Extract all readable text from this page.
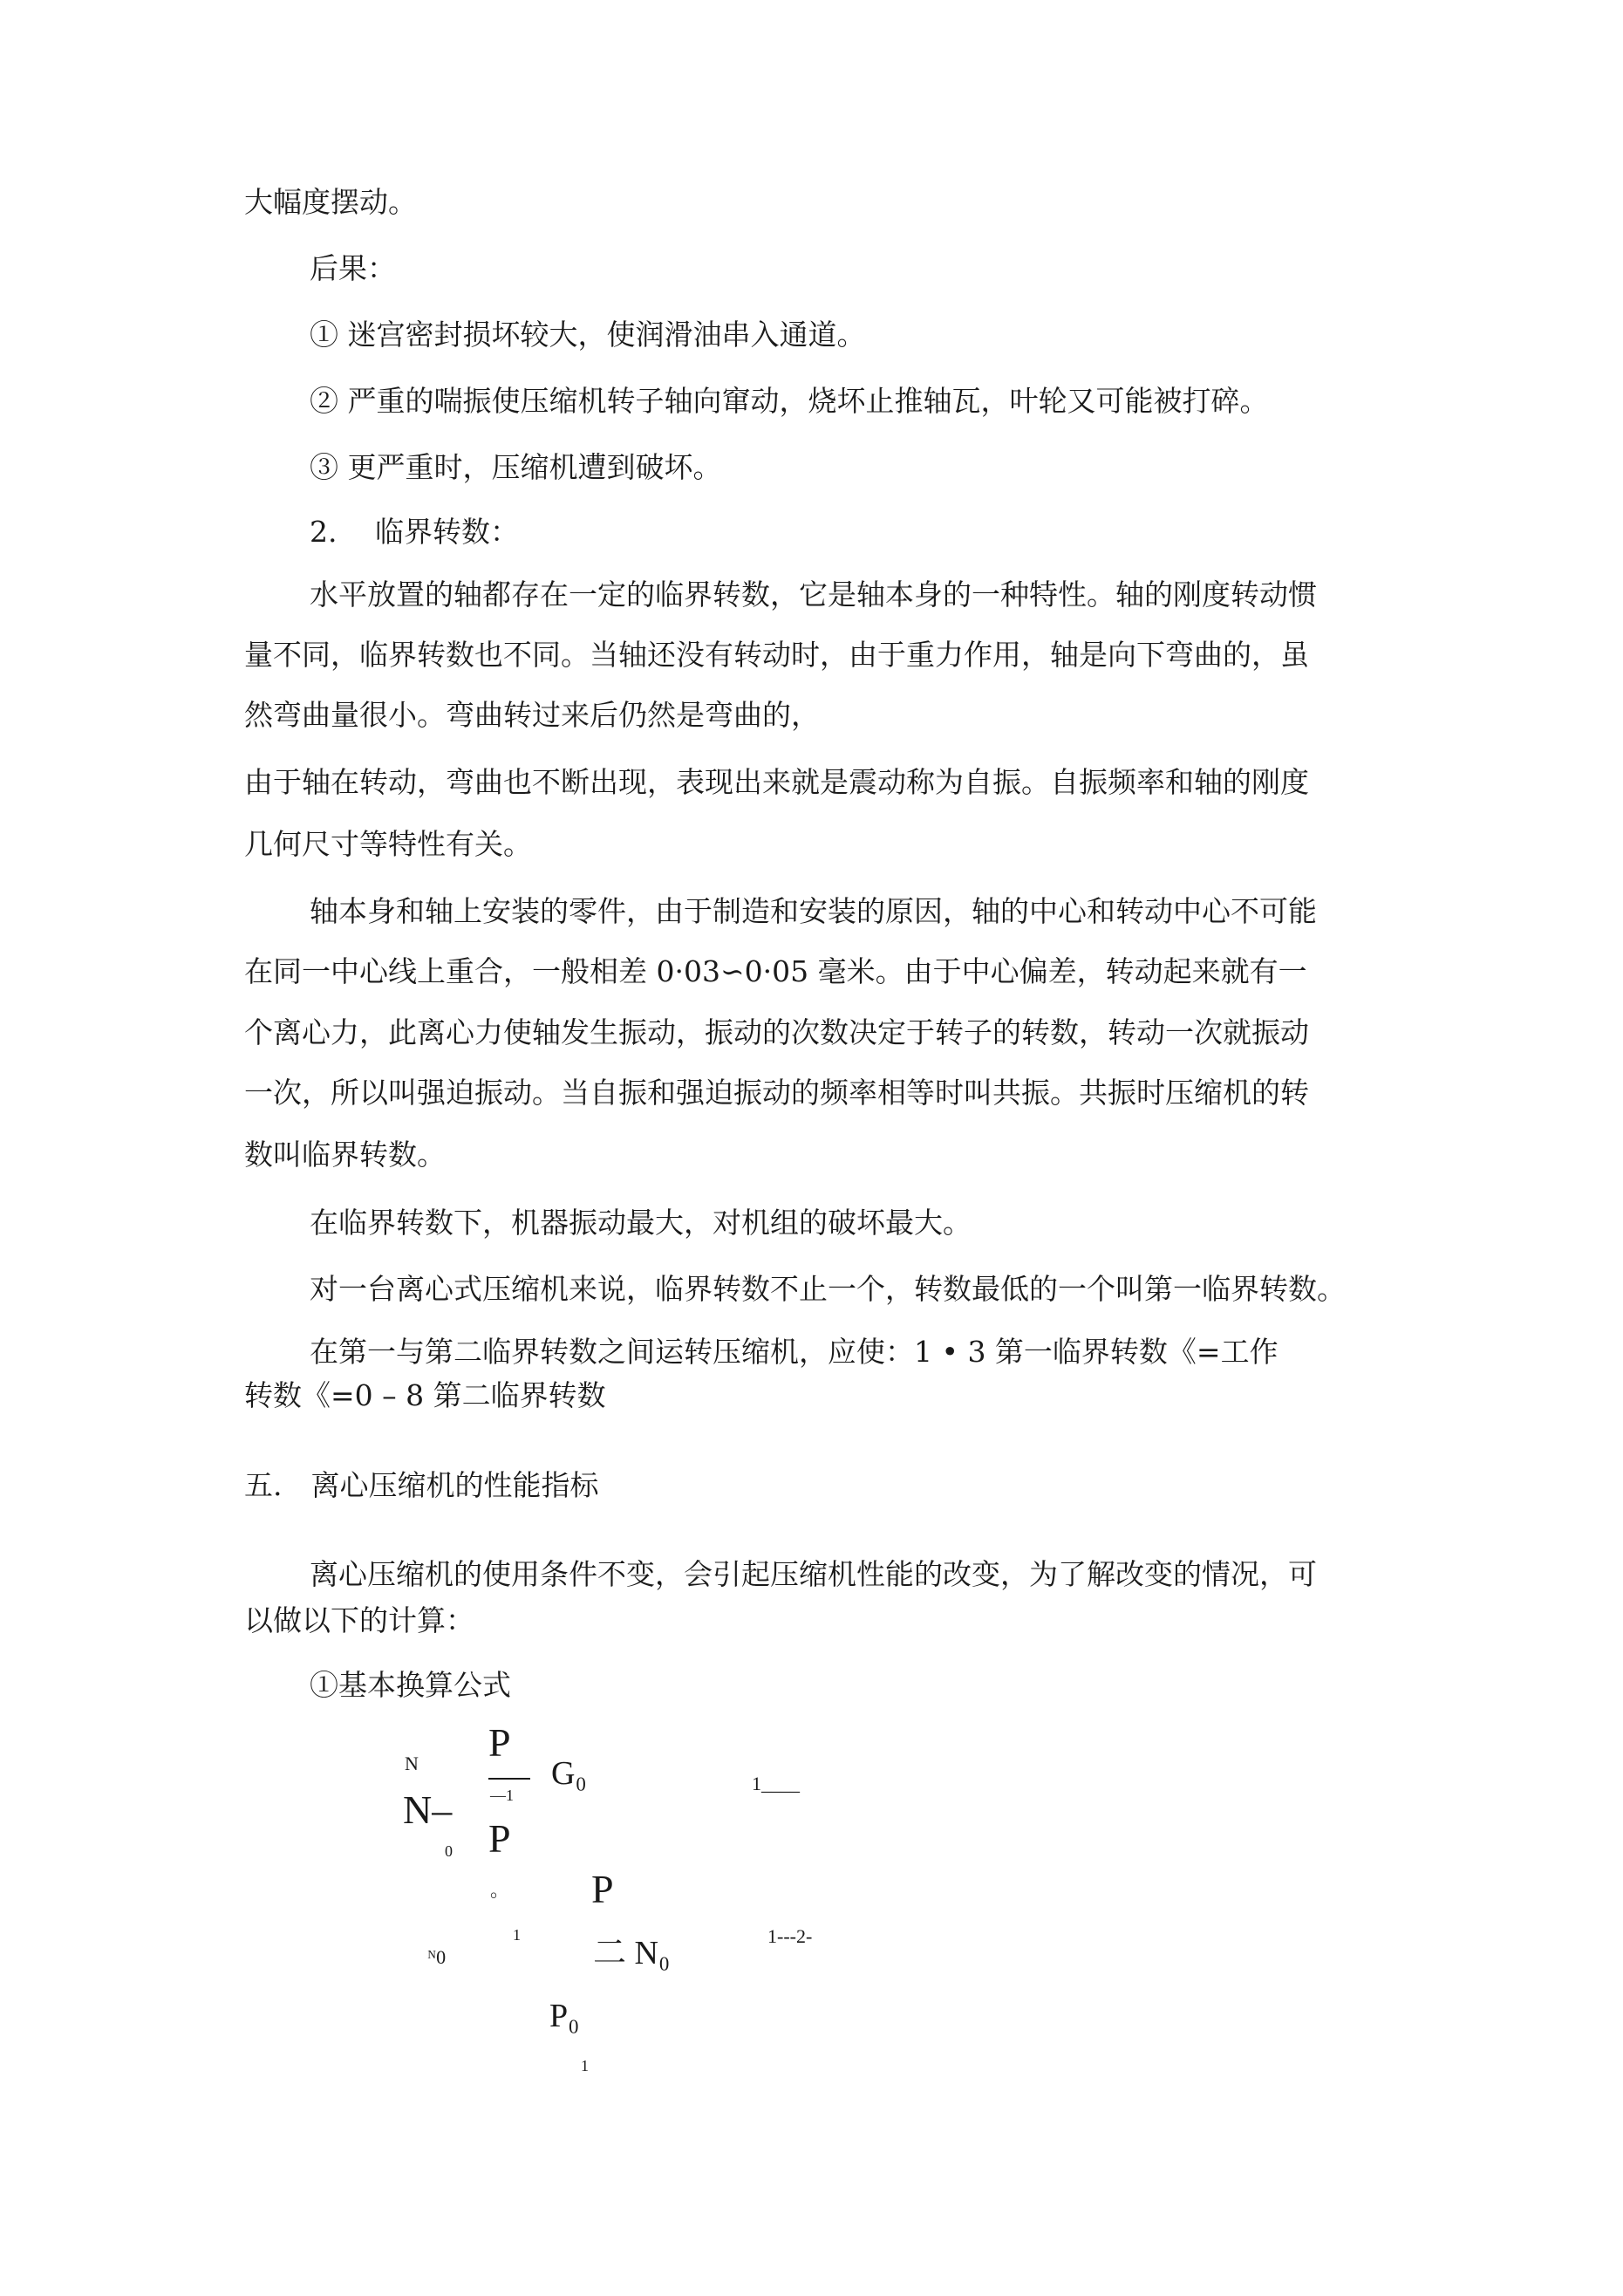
大幅度摆动。
后果：
① 迷宫密封损坏较大，使润滑油串入通道。
② 严重的喘振使压缩机转子轴向窜动，烧坏止推轴瓦，叶轮又可能被打碎。
③ 更严重时，压缩机遭到破坏。
2.　 临界转数：
水平放置的轴都存在一定的临界转数，它是轴本身的一种特性。轴的刚度转动惯
量不同，临界转数也不同。当轴还没有转动时，由于重力作用，轴是向下弯曲的，虽
然弯曲量很小。弯曲转过来后仍然是弯曲的，
由于轴在转动，弯曲也不断出现，表现出来就是震动称为自振。自振频率和轴的刚度
几何尺寸等特性有关。
轴本身和轴上安装的零件，由于制造和安装的原因，轴的中心和转动中心不可能
在同一中心线上重合，一般相差 0·03∽0·05 毫米。由于中心偏差，转动起来就有一
个离心力，此离心力使轴发生振动，振动的次数决定于转子的转数，转动一次就振动
一次，所以叫强迫振动。当自振和强迫振动的频率相等时叫共振。共振时压缩机的转
数叫临界转数。
在临界转数下，机器振动最大，对机组的破坏最大。
对一台离心式压缩机来说，临界转数不止一个，转数最低的一个叫第一临界转数。
在第一与第二临界转数之间运转压缩机，应使：1 • 3 第一临界转数《=工作
转数《=0 – 8 第二临界转数
五.　离心压缩机的性能指标
离心压缩机的使用条件不变，会引起压缩机性能的改变，为了解改变的情况，可
以做以下的计算：
①基本换算公式
N
N–
0
P
—1
P
。
G₀	1____
P
1
ᴺ0	二 N₀	1---2-
P₀
1
